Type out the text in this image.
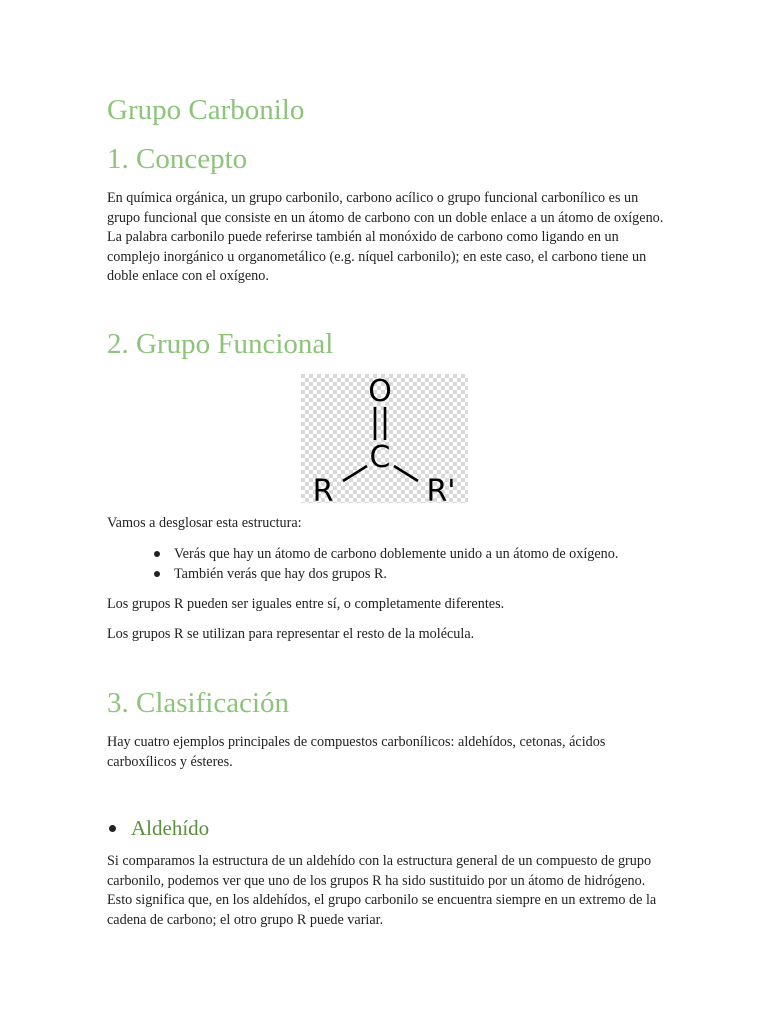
Grupo Carbonilo
1. Concepto

En química orgánica, un grupo carbonilo, carbono acílico o grupo funcional carbonílico es un grupo funcional que consiste en un átomo de carbono con un doble enlace a un átomo de oxígeno. La palabra carbonilo puede referirse también al monóxido de carbono como ligando en un complejo inorgánico u organometálico (e.g. níquel carbonilo); en este caso, el carbono tiene un doble enlace con el oxígeno.

2. Grupo Funcional
O
C
R	R'

Vamos a desglosar esta estructura:

Verás que hay un átomo de carbono doblemente unido a un átomo de oxígeno.
También verás que hay dos grupos R.

Los grupos R pueden ser iguales entre sí, o completamente diferentes.

Los grupos R se utilizan para representar el resto de la molécula.

3. Clasificación

Hay cuatro ejemplos principales de compuestos carbonílicos: aldehídos, cetonas, ácidos carboxílicos y ésteres.

Aldehído

Si comparamos la estructura de un aldehído con la estructura general de un compuesto de grupo carbonilo, podemos ver que uno de los grupos R ha sido sustituido por un átomo de hidrógeno. Esto significa que, en los aldehídos, el grupo carbonilo se encuentra siempre en un extremo de la cadena de carbono; el otro grupo R puede variar.
